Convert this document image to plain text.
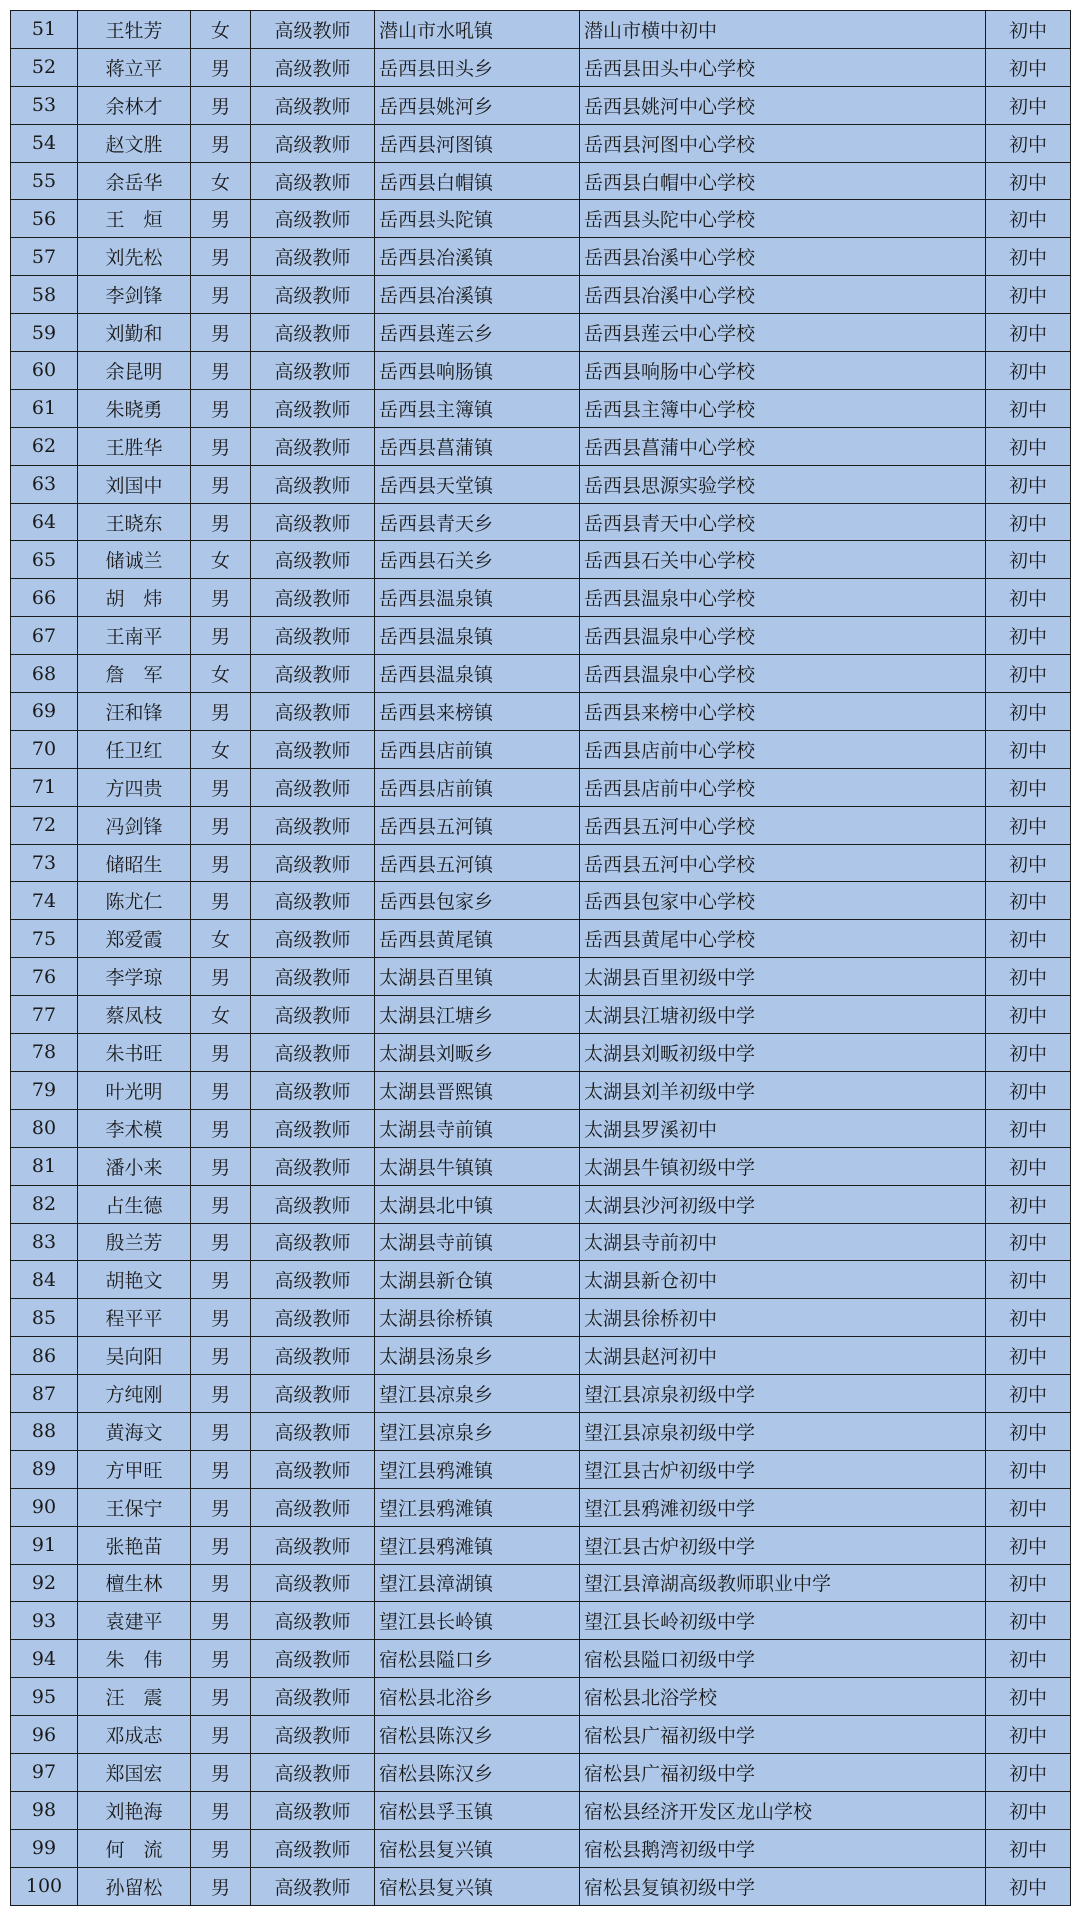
51	王牡芳	女	高级教师	潜山市水吼镇	潜山市横中初中	初中
52	蒋立平	男	高级教师	岳西县田头乡	岳西县田头中心学校	初中
53	余林才	男	高级教师	岳西县姚河乡	岳西县姚河中心学校	初中
54	赵文胜	男	高级教师	岳西县河图镇	岳西县河图中心学校	初中
55	余岳华	女	高级教师	岳西县白帽镇	岳西县白帽中心学校	初中
56	王　烜	男	高级教师	岳西县头陀镇	岳西县头陀中心学校	初中
57	刘先松	男	高级教师	岳西县冶溪镇	岳西县冶溪中心学校	初中
58	李剑锋	男	高级教师	岳西县冶溪镇	岳西县冶溪中心学校	初中
59	刘勤和	男	高级教师	岳西县莲云乡	岳西县莲云中心学校	初中
60	余昆明	男	高级教师	岳西县响肠镇	岳西县响肠中心学校	初中
61	朱晓勇	男	高级教师	岳西县主簿镇	岳西县主簿中心学校	初中
62	王胜华	男	高级教师	岳西县菖蒲镇	岳西县菖蒲中心学校	初中
63	刘国中	男	高级教师	岳西县天堂镇	岳西县思源实验学校	初中
64	王晓东	男	高级教师	岳西县青天乡	岳西县青天中心学校	初中
65	储诚兰	女	高级教师	岳西县石关乡	岳西县石关中心学校	初中
66	胡　炜	男	高级教师	岳西县温泉镇	岳西县温泉中心学校	初中
67	王南平	男	高级教师	岳西县温泉镇	岳西县温泉中心学校	初中
68	詹　军	女	高级教师	岳西县温泉镇	岳西县温泉中心学校	初中
69	汪和锋	男	高级教师	岳西县来榜镇	岳西县来榜中心学校	初中
70	任卫红	女	高级教师	岳西县店前镇	岳西县店前中心学校	初中
71	方四贵	男	高级教师	岳西县店前镇	岳西县店前中心学校	初中
72	冯剑锋	男	高级教师	岳西县五河镇	岳西县五河中心学校	初中
73	储昭生	男	高级教师	岳西县五河镇	岳西县五河中心学校	初中
74	陈尤仁	男	高级教师	岳西县包家乡	岳西县包家中心学校	初中
75	郑爱霞	女	高级教师	岳西县黄尾镇	岳西县黄尾中心学校	初中
76	李学琼	男	高级教师	太湖县百里镇	太湖县百里初级中学	初中
77	蔡凤枝	女	高级教师	太湖县江塘乡	太湖县江塘初级中学	初中
78	朱书旺	男	高级教师	太湖县刘畈乡	太湖县刘畈初级中学	初中
79	叶光明	男	高级教师	太湖县晋熙镇	太湖县刘羊初级中学	初中
80	李术模	男	高级教师	太湖县寺前镇	太湖县罗溪初中	初中
81	潘小来	男	高级教师	太湖县牛镇镇	太湖县牛镇初级中学	初中
82	占生德	男	高级教师	太湖县北中镇	太湖县沙河初级中学	初中
83	殷兰芳	男	高级教师	太湖县寺前镇	太湖县寺前初中	初中
84	胡艳文	男	高级教师	太湖县新仓镇	太湖县新仓初中	初中
85	程平平	男	高级教师	太湖县徐桥镇	太湖县徐桥初中	初中
86	吴向阳	男	高级教师	太湖县汤泉乡	太湖县赵河初中	初中
87	方纯刚	男	高级教师	望江县凉泉乡	望江县凉泉初级中学	初中
88	黄海文	男	高级教师	望江县凉泉乡	望江县凉泉初级中学	初中
89	方甲旺	男	高级教师	望江县鸦滩镇	望江县古炉初级中学	初中
90	王保宁	男	高级教师	望江县鸦滩镇	望江县鸦滩初级中学	初中
91	张艳苗	男	高级教师	望江县鸦滩镇	望江县古炉初级中学	初中
92	檀生林	男	高级教师	望江县漳湖镇	望江县漳湖高级教师职业中学	初中
93	袁建平	男	高级教师	望江县长岭镇	望江县长岭初级中学	初中
94	朱　伟	男	高级教师	宿松县隘口乡	宿松县隘口初级中学	初中
95	汪　震	男	高级教师	宿松县北浴乡	宿松县北浴学校	初中
96	邓成志	男	高级教师	宿松县陈汉乡	宿松县广福初级中学	初中
97	郑国宏	男	高级教师	宿松县陈汉乡	宿松县广福初级中学	初中
98	刘艳海	男	高级教师	宿松县孚玉镇	宿松县经济开发区龙山学校	初中
99	何　流	男	高级教师	宿松县复兴镇	宿松县鹅湾初级中学	初中
100	孙留松	男	高级教师	宿松县复兴镇	宿松县复镇初级中学	初中
